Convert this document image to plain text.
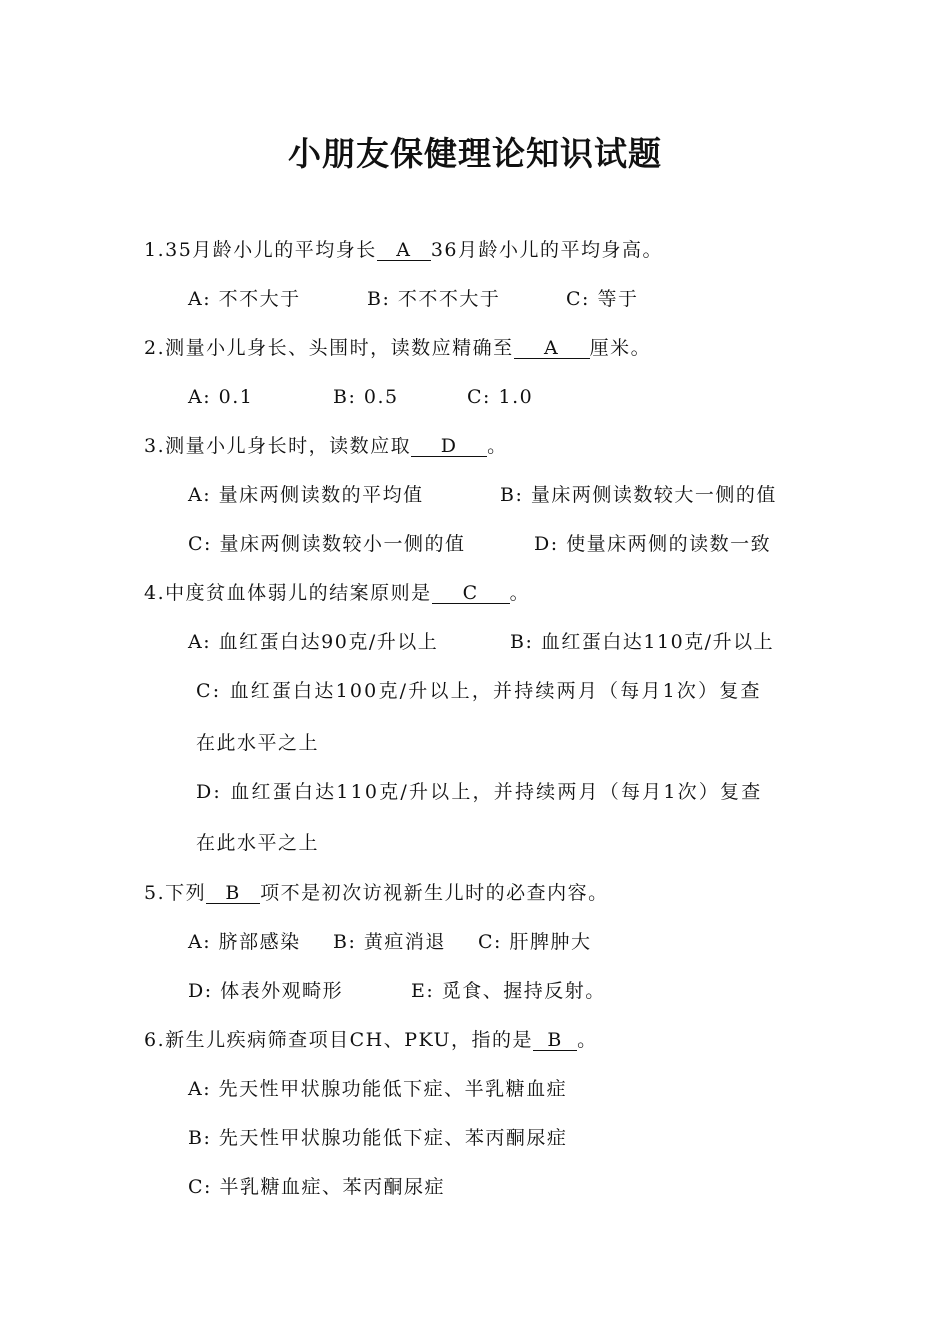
小朋友保健理论知识试题
1.35月龄小儿的平均身长 A 36月龄小儿的平均身高。
A: 不不大于	B: 不不不大于	C: 等于
2.测量小儿身长、头围时，读数应精确至 A 厘米。
A: 0.1	B: 0.5	C: 1.0
3.测量小儿身长时，读数应取 D 。
A: 量床两侧读数的平均值	B: 量床两侧读数较大一侧的值
C: 量床两侧读数较小一侧的值	D: 使量床两侧的读数一致
4.中度贫血体弱儿的结案原则是 C 。
A: 血红蛋白达90克/升以上	B: 血红蛋白达110克/升以上
C: 血红蛋白达100克/升以上，并持续两月（每月1次）复查
在此水平之上
D: 血红蛋白达110克/升以上，并持续两月（每月1次）复查
在此水平之上
5.下列 B 项不是初次访视新生儿时的必查内容。
A: 脐部感染 B: 黄疸消退 C: 肝脾肿大
D: 体表外观畸形	E: 觅食、握持反射。
6.新生儿疾病筛查项目CH、PKU，指的是 B 。
A: 先天性甲状腺功能低下症、半乳糖血症
B: 先天性甲状腺功能低下症、苯丙酮尿症
C: 半乳糖血症、苯丙酮尿症
